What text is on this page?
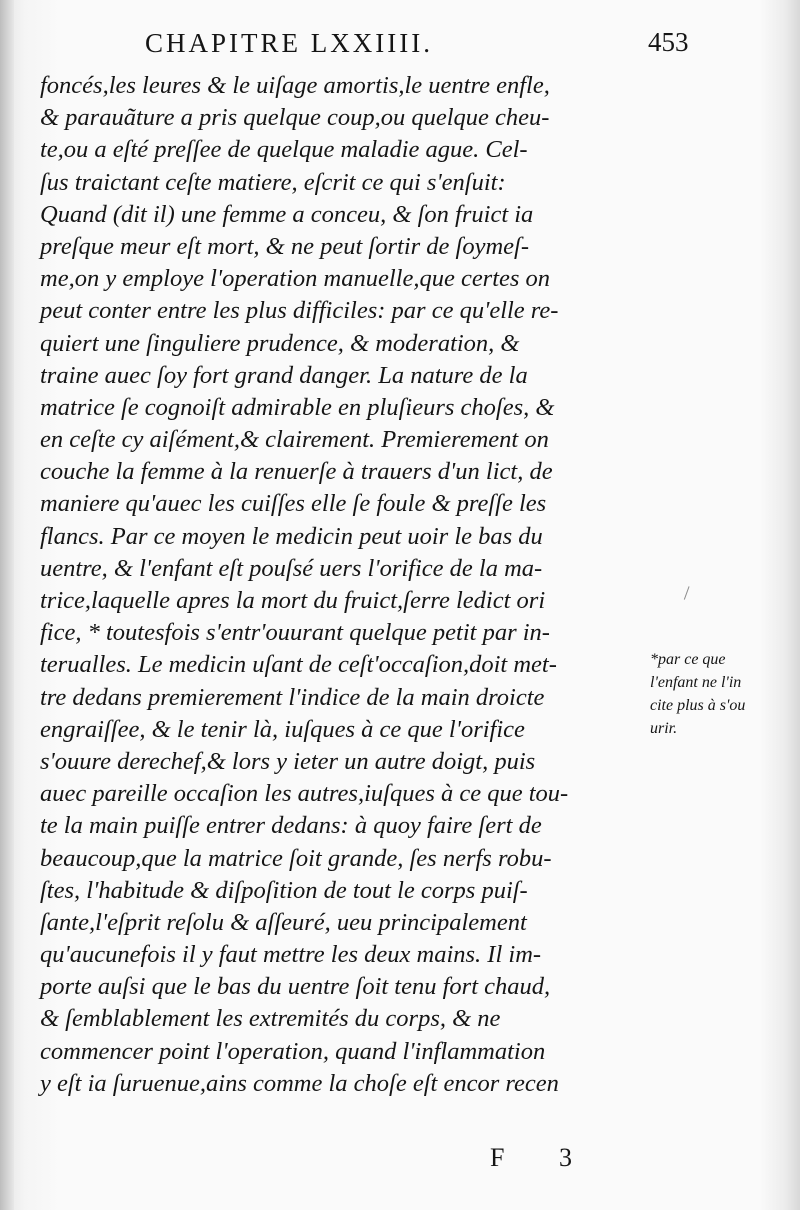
CHAPITRE LXXIIII.	453
foncés,les leures & le uiſage amortis,le uentre enfle,
& parauãture a pris quelque coup,ou quelque cheu-
te,ou a eſté preſſee de quelque maladie ague. Cel-
ſus traictant ceſte matiere, eſcrit ce qui s'enſuit:
Quand (dit il) une femme a conceu, & ſon fruict ia
preſque meur eſt mort, & ne peut ſortir de ſoymeſ-
me,on y employe l'operation manuelle,que certes on
peut conter entre les plus difficiles: par ce qu'elle re-
quiert une ſinguliere prudence, & moderation, &
traine auec ſoy fort grand danger. La nature de la
matrice ſe cognoiſt admirable en pluſieurs choſes, &
en ceſte cy aiſément,& clairement. Premierement on
couche la femme à la renuerſe à trauers d'un lict, de
maniere qu'auec les cuiſſes elle ſe foule & preſſe les
flancs. Par ce moyen le medicin peut uoir le bas du
uentre, & l'enfant eſt pouſsé uers l'orifice de la ma-
trice,laquelle apres la mort du fruict,ſerre ledict ori
fice, * toutesfois s'entr'ouurant quelque petit par in-
terualles. Le medicin uſant de ceſt'occaſion,doit met-
tre dedans premierement l'indice de la main droicte
engraiſſee, & le tenir là, iuſques à ce que l'orifice
s'ouure derechef,& lors y ieter un autre doigt, puis
auec pareille occaſion les autres,iuſques à ce que tou-
te la main puiſſe entrer dedans: à quoy faire ſert de
beaucoup,que la matrice ſoit grande, ſes nerfs robu-
ſtes, l'habitude & diſpoſition de tout le corps puiſ-
ſante,l'eſprit reſolu & aſſeuré, ueu principalement
qu'aucunefois il y faut mettre les deux mains. Il im-
porte auſsi que le bas du uentre ſoit tenu fort chaud,
& ſemblablement les extremités du corps, & ne
commencer point l'operation, quand l'inflammation
y eſt ia ſuruenue,ains comme la choſe eſt encor recen
*par ce que
l'enfant ne l'in
cite plus à s'ou
urir.
F 3
